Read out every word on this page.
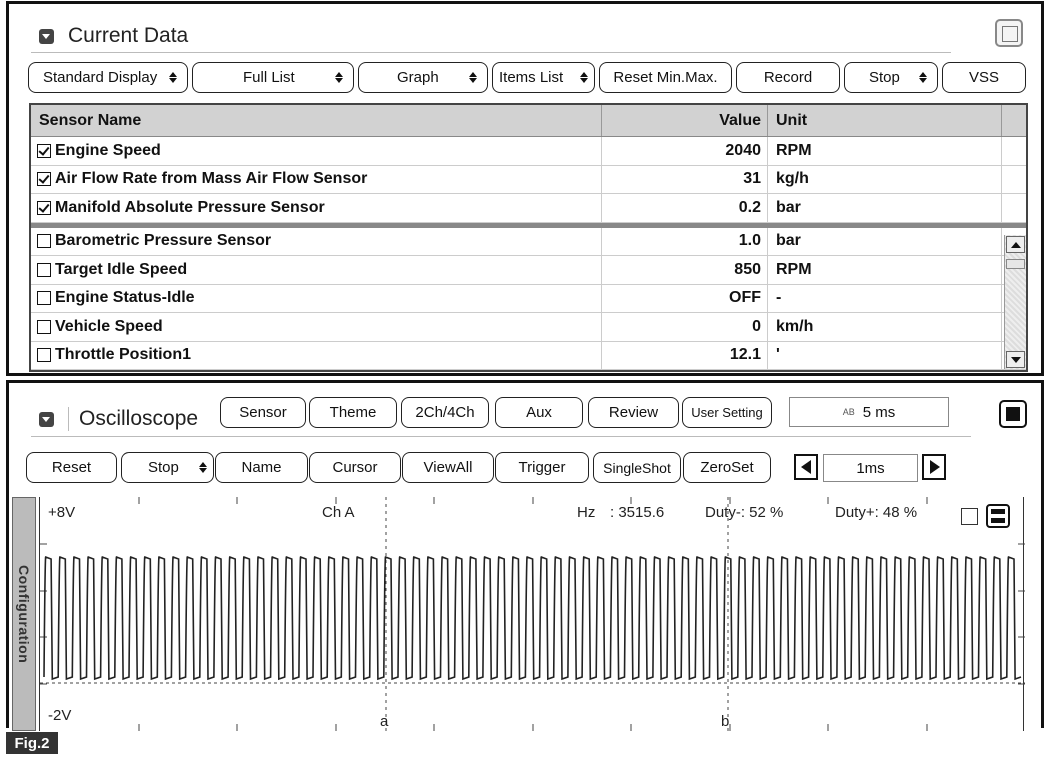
Current Data
Standard Display	Full List	Graph	Items List	Reset Min.Max.	Record	Stop	VSS
Sensor Name	Value Unit
Engine Speed	2040 RPM
Air Flow Rate from Mass Air Flow Sensor	31 kg/h
Manifold Absolute Pressure Sensor	0.2 bar
Barometric Pressure Sensor	1.0 bar
Target Idle Speed	850 RPM
Engine Status-Idle	OFF -
Vehicle Speed	0 km/h
Throttle Position1	12.1 '
Oscilloscope	Sensor	Theme	2Ch/4Ch	Aux	Review	User Setting	AB 5 ms
Reset	Stop	Name	Cursor	ViewAll	Trigger	SingleShot	ZeroSet	1ms
Configuration
+8V
-2V
Ch A	Hz : 3515.6	Duty-: 52 %	Duty+: 48 %
a	b
Fig.2
